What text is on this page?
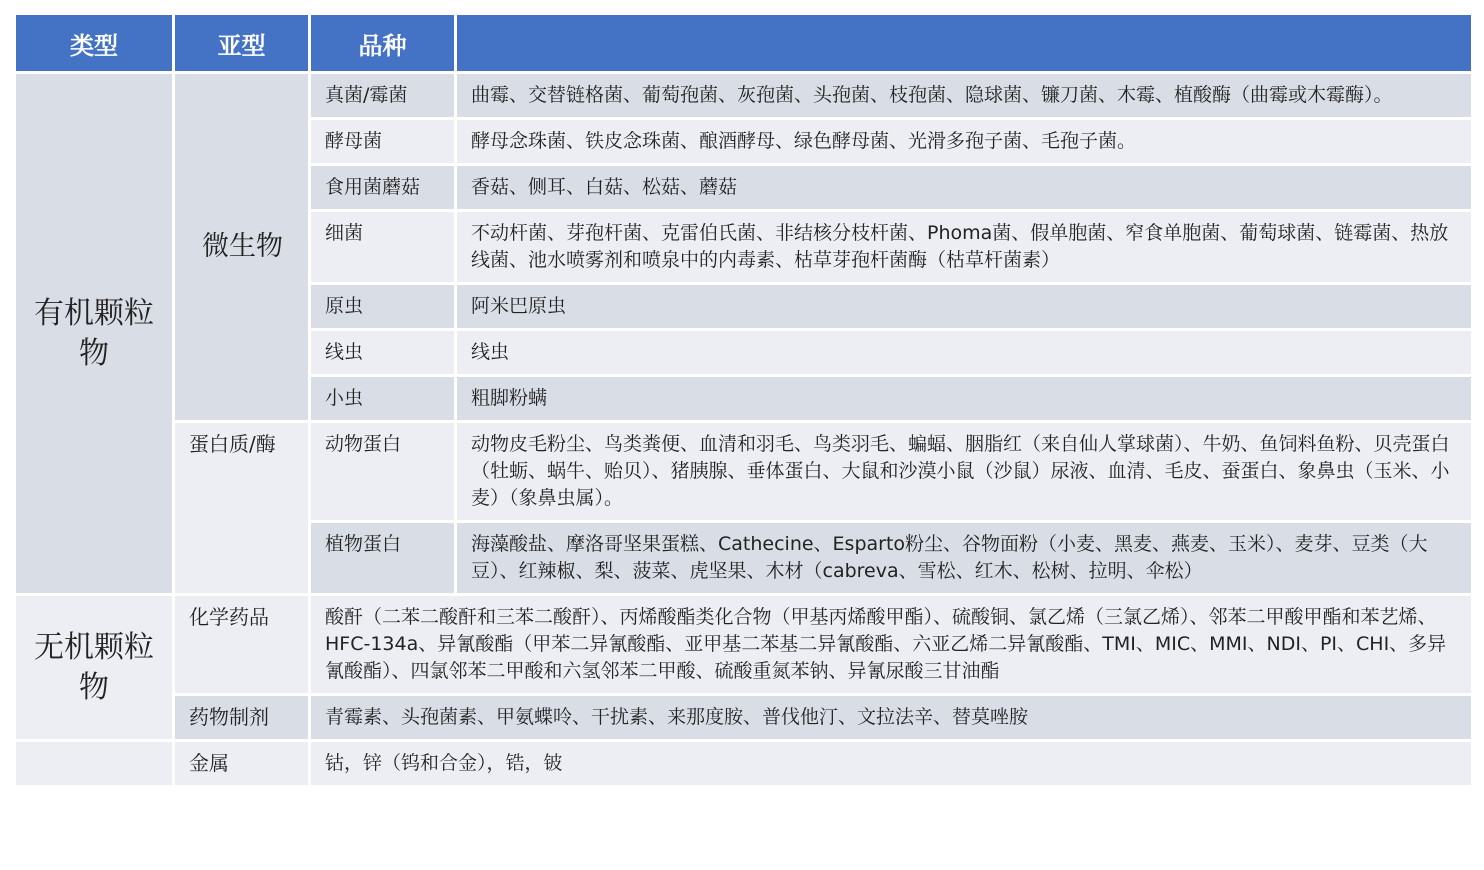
类型	亚型	品种	
有机颗粒物	微生物	真菌/霉菌	曲霉、交替链格菌、葡萄孢菌、灰孢菌、头孢菌、枝孢菌、隐球菌、镰刀菌、木霉、植酸酶（曲霉或木霉酶）。
		酵母菌	酵母念珠菌、铁皮念珠菌、酿酒酵母、绿色酵母菌、光滑多孢子菌、毛孢子菌。
		食用菌蘑菇	香菇、侧耳、白菇、松菇、蘑菇
		细菌	不动杆菌、芽孢杆菌、克雷伯氏菌、非结核分枝杆菌、Phoma菌、假单胞菌、窄食单胞菌、葡萄球菌、链霉菌、热放线菌、池水喷雾剂和喷泉中的内毒素、枯草芽孢杆菌酶（枯草杆菌素）
		原虫	阿米巴原虫
		线虫	线虫
		小虫	粗脚粉螨
	蛋白质/酶	动物蛋白	动物皮毛粉尘、鸟类粪便、血清和羽毛、鸟类羽毛、蝙蝠、胭脂红（来自仙人掌球菌）、牛奶、鱼饲料鱼粉、贝壳蛋白（牡蛎、蜗牛、贻贝）、猪胰腺、垂体蛋白、大鼠和沙漠小鼠（沙鼠）尿液、血清、毛皮、蚕蛋白、象鼻虫（玉米、小麦）（象鼻虫属）。
		植物蛋白	海藻酸盐、摩洛哥坚果蛋糕、Cathecine、Esparto粉尘、谷物面粉（小麦、黑麦、燕麦、玉米）、麦芽、豆类（大豆）、红辣椒、梨、菠菜、虎坚果、木材（cabreva、雪松、红木、松树、拉明、伞松）
无机颗粒物	化学药品	酸酐（二苯二酸酐和三苯二酸酐）、丙烯酸酯类化合物（甲基丙烯酸甲酯）、硫酸铜、氯乙烯（三氯乙烯）、邻苯二甲酸甲酯和苯艺烯、HFC-134a、异氰酸酯（甲苯二异氰酸酯、亚甲基二苯基二异氰酸酯、六亚乙烯二异氰酸酯、TMI、MIC、MMI、NDI、PI、CHI、多异氰酸酯）、四氯邻苯二甲酸和六氢邻苯二甲酸、硫酸重氮苯钠、异氰尿酸三甘油酯	
	药物制剂	青霉素、头孢菌素、甲氨蝶呤、干扰素、来那度胺、普伐他汀、文拉法辛、替莫唑胺	
	金属	钴，锌（钨和合金），锆，铍	
